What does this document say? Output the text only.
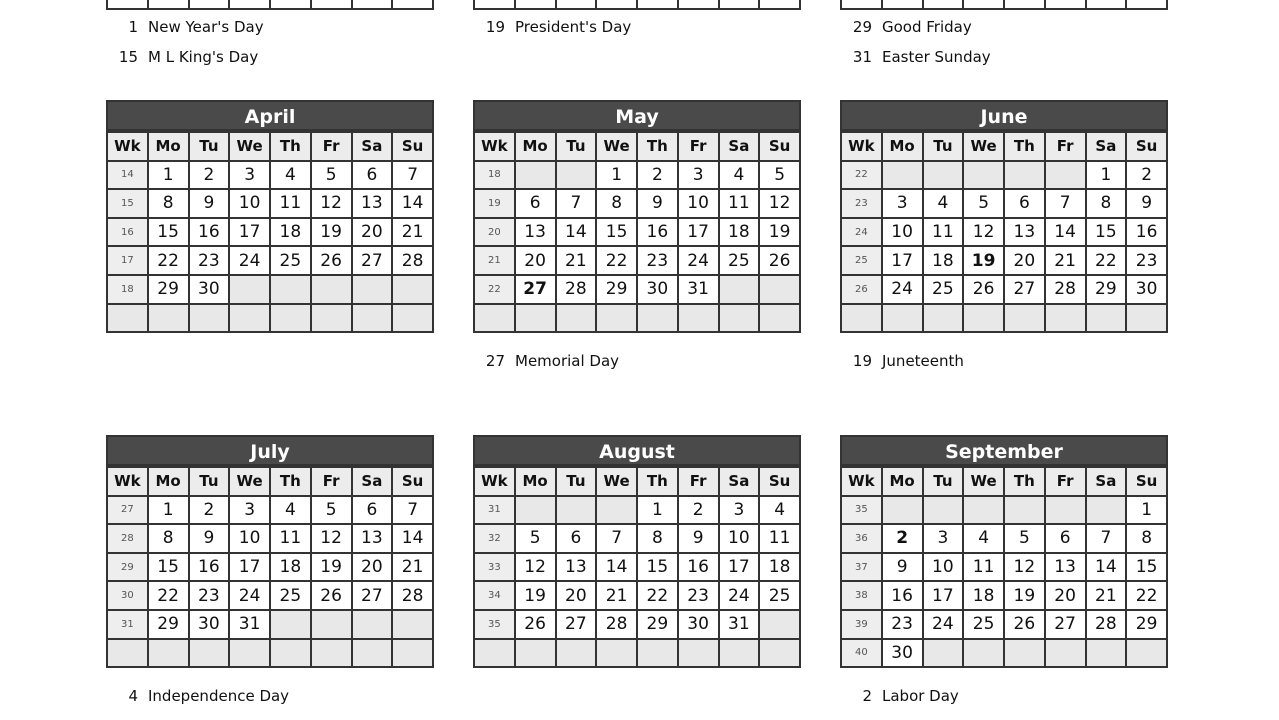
1 New Year's Day
15 M L King's Day

19 President's Day
								29 Good Friday
31 Easter Sunday
April
Wk	Mo	Tu	We	Th	Fr	Sa	Su
14	1	2	3	4	5	6	7
15	8	9	10	11	12	13	14
16	15	16	17	18	19	20	21
17	22	23	24	25	26	27	28
18	29	30					

May
Wk	Mo	Tu	We	Th	Fr	Sa	Su
18			1	2	3	4	5
19	6	7	8	9	10	11	12
20	13	14	15	16	17	18	19
21	20	21	22	23	24	25	26
22	27	28	29	30	31		

27 Memorial Day
June
Wk	Mo	Tu	We	Th	Fr	Sa	Su
22						1	2
23	3	4	5	6	7	8	9
24	10	11	12	13	14	15	16
25	17	18	19	20	21	22	23
26	24	25	26	27	28	29	30

19 Juneteenth
July
Wk	Mo	Tu	We	Th	Fr	Sa	Su
27	1	2	3	4	5	6	7
28	8	9	10	11	12	13	14
29	15	16	17	18	19	20	21
30	22	23	24	25	26	27	28
31	29	30	31				

4 Independence Day
August
Wk	Mo	Tu	We	Th	Fr	Sa	Su
31				1	2	3	4
32	5	6	7	8	9	10	11
33	12	13	14	15	16	17	18
34	19	20	21	22	23	24	25
35	26	27	28	29	30	31	

September
Wk	Mo	Tu	We	Th	Fr	Sa	Su
35							1
36	2	3	4	5	6	7	8
37	9	10	11	12	13	14	15
38	16	17	18	19	20	21	22
39	23	24	25	26	27	28	29
40	30						
2 Labor Day
